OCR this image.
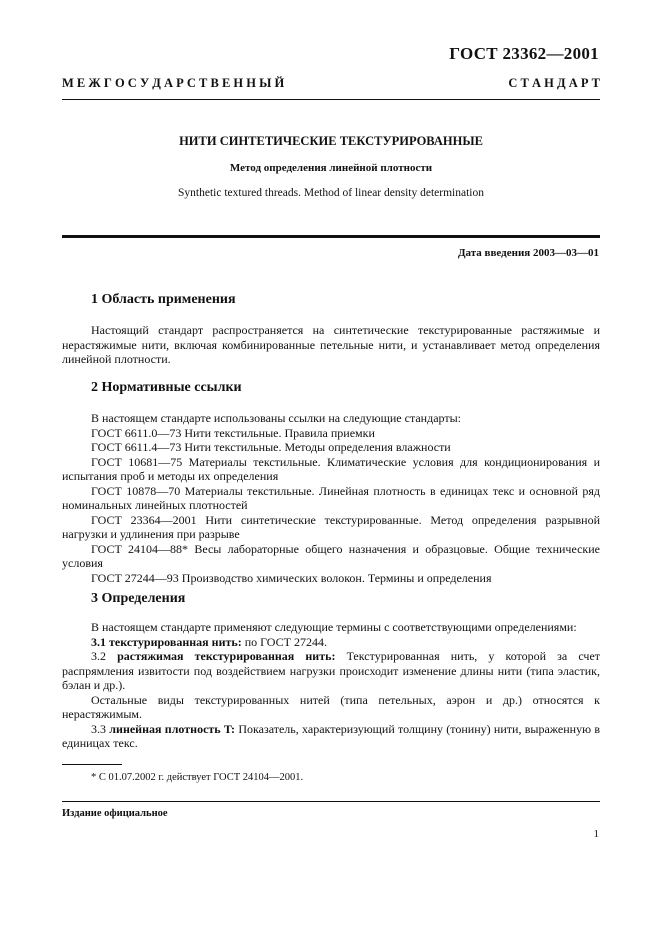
ГОСТ 23362—2001
М Е Ж Г О С У Д А Р С Т В Е Н Н Ы Й	С Т А Н Д А Р Т
НИТИ СИНТЕТИЧЕСКИЕ ТЕКСТУРИРОВАННЫЕ
Метод определения линейной плотности
Synthetic textured threads. Method of linear density determination
Дата введения 2003—03—01
1 Область применения

Настоящий стандарт распространяется на синтетические текстурированные растяжимые и нерастяжимые нити, включая комбинированные петельные нити, и устанавливает метод определения линейной плотности.

2 Нормативные ссылки

В настоящем стандарте использованы ссылки на следующие стандарты:

ГОСТ 6611.0—73 Нити текстильные. Правила приемки

ГОСТ 6611.4—73 Нити текстильные. Методы определения влажности

ГОСТ 10681—75 Материалы текстильные. Климатические условия для кондиционирования и испытания проб и методы их определения

ГОСТ 10878—70 Материалы текстильные. Линейная плотность в единицах текс и основной ряд номинальных линейных плотностей

ГОСТ 23364—2001 Нити синтетические текстурированные. Метод определения разрывной нагрузки и удлинения при разрыве

ГОСТ 24104—88* Весы лабораторные общего назначения и образцовые. Общие технические условия

ГОСТ 27244—93 Производство химических волокон. Термины и определения

3 Определения

В настоящем стандарте применяют следующие термины с соответствующими определениями:

3.1 текстурированная нить: по ГОСТ 27244.

3.2 растяжимая текстурированная нить: Текстурированная нить, у которой за счет распрямления извитости под воздействием нагрузки происходит изменение длины нити (типа эластик, бэлан и др.).

Остальные виды текстурированных нитей (типа петельных, аэрон и др.) относятся к нерастяжимым.

3.3 линейная плотность T: Показатель, характеризующий толщину (тонину) нити, выраженную в единицах текс.

* С 01.07.2002 г. действует ГОСТ 24104—2001.
Издание официальное
1
